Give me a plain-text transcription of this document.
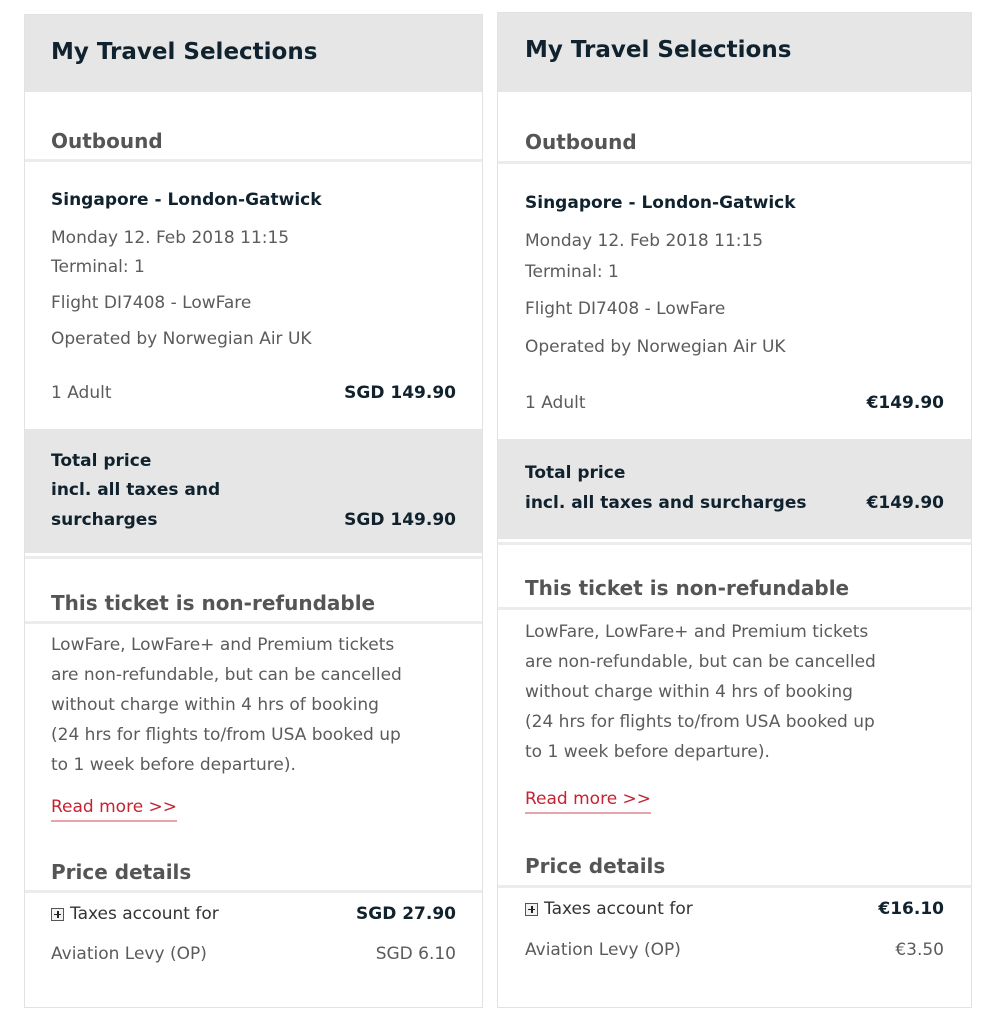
My Travel Selections
Outbound
Singapore - London-Gatwick
Monday 12. Feb 2018 11:15
Terminal: 1
Flight DI7408 - LowFare
Operated by Norwegian Air UK
1 Adult	SGD 149.90
Total price
incl. all taxes and
surcharges	SGD 149.90
This ticket is non-refundable
LowFare, LowFare+ and Premium tickets
are non-refundable, but can be cancelled
without charge within 4 hrs of booking
(24 hrs for flights to/from USA booked up
to 1 week before departure).
Read more >>
Price details
Taxes account for	SGD 27.90
Aviation Levy (OP)	SGD 6.10
My Travel Selections
Outbound
Singapore - London-Gatwick
Monday 12. Feb 2018 11:15
Terminal: 1
Flight DI7408 - LowFare
Operated by Norwegian Air UK
1 Adult	€149.90
Total price
incl. all taxes and surcharges	€149.90
This ticket is non-refundable
LowFare, LowFare+ and Premium tickets
are non-refundable, but can be cancelled
without charge within 4 hrs of booking
(24 hrs for flights to/from USA booked up
to 1 week before departure).
Read more >>
Price details
Taxes account for	€16.10
Aviation Levy (OP)	€3.50
